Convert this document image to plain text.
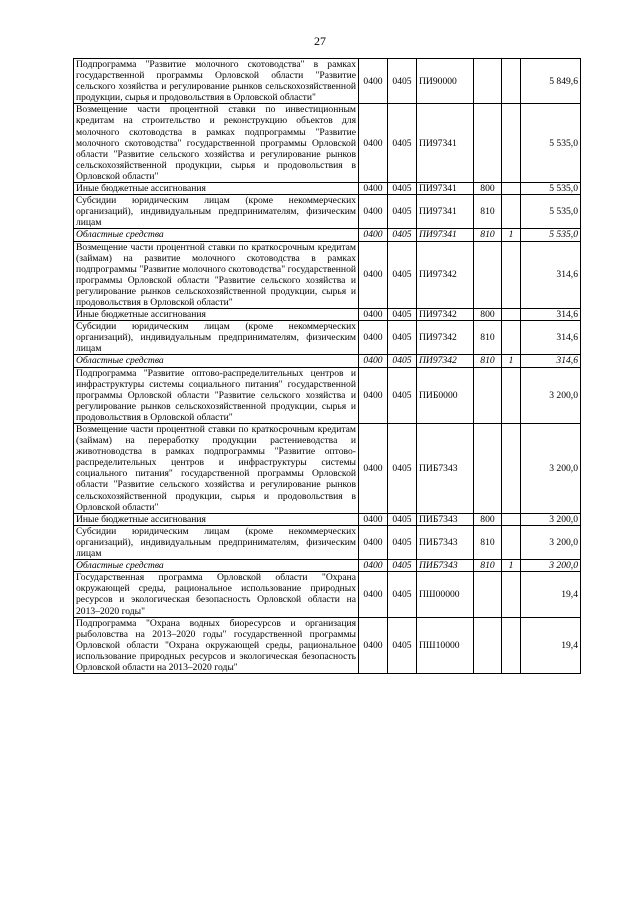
27
Подпрограмма "Развитие молочного скотоводства" в рамках государственной программы Орловской области "Развитие сельского хозяйства и регулирование рынков сельскохозяйственной продукции, сырья и продовольствия в Орловской области"	0400	0405	ПИ90000			5 849,6
Возмещение части процентной ставки по инвестиционным кредитам на строительство и реконструкцию объектов для молочного скотоводства в рамках подпрограммы "Развитие молочного скотоводства" государственной программы Орловской области "Развитие сельского хозяйства и регулирование рынков сельскохозяйственной продукции, сырья и продовольствия в Орловской области"	0400	0405	ПИ97341			5 535,0
Иные бюджетные ассигнования	0400	0405	ПИ97341	800		5 535,0
Субсидии юридическим лицам (кроме некоммерческих организаций), индивидуальным предпринимателям, физическим лицам	0400	0405	ПИ97341	810		5 535,0
Областные средства	0400	0405	ПИ97341	810	1	5 535,0
Возмещение части процентной ставки по краткосрочным кредитам (займам) на развитие молочного скотоводства в рамках подпрограммы "Развитие молочного скотоводства" государственной программы Орловской области "Развитие сельского хозяйства и регулирование рынков сельскохозяйственной продукции, сырья и продовольствия в Орловской области"	0400	0405	ПИ97342			314,6
Иные бюджетные ассигнования	0400	0405	ПИ97342	800		314,6
Субсидии юридическим лицам (кроме некоммерческих организаций), индивидуальным предпринимателям, физическим лицам	0400	0405	ПИ97342	810		314,6
Областные средства	0400	0405	ПИ97342	810	1	314,6
Подпрограмма "Развитие оптово-распределительных центров и инфраструктуры системы социального питания" государственной программы Орловской области "Развитие сельского хозяйства и регулирование рынков сельскохозяйственной продукции, сырья и продовольствия в Орловской области"	0400	0405	ПИБ0000			3 200,0
Возмещение части процентной ставки по краткосрочным кредитам (займам) на переработку продукции растениеводства и животноводства в рамках подпрограммы "Развитие оптово-распределительных центров и инфраструктуры системы социального питания" государственной программы Орловской области "Развитие сельского хозяйства и регулирование рынков сельскохозяйственной продукции, сырья и продовольствия в Орловской области"	0400	0405	ПИБ7343			3 200,0
Иные бюджетные ассигнования	0400	0405	ПИБ7343	800		3 200,0
Субсидии юридическим лицам (кроме некоммерческих организаций), индивидуальным предпринимателям, физическим лицам	0400	0405	ПИБ7343	810		3 200,0
Областные средства	0400	0405	ПИБ7343	810	1	3 200,0
Государственная программа Орловской области "Охрана окружающей среды, рациональное использование природных ресурсов и экологическая безопасность Орловской области на 2013–2020 годы"	0400	0405	ПШ00000			19,4
Подпрограмма "Охрана водных биоресурсов и организация рыболовства на 2013–2020 годы" государственной программы Орловской области "Охрана окружающей среды, рациональное использование природных ресурсов и экологическая безопасность Орловской области на 2013–2020 годы"	0400	0405	ПШ10000			19,4
